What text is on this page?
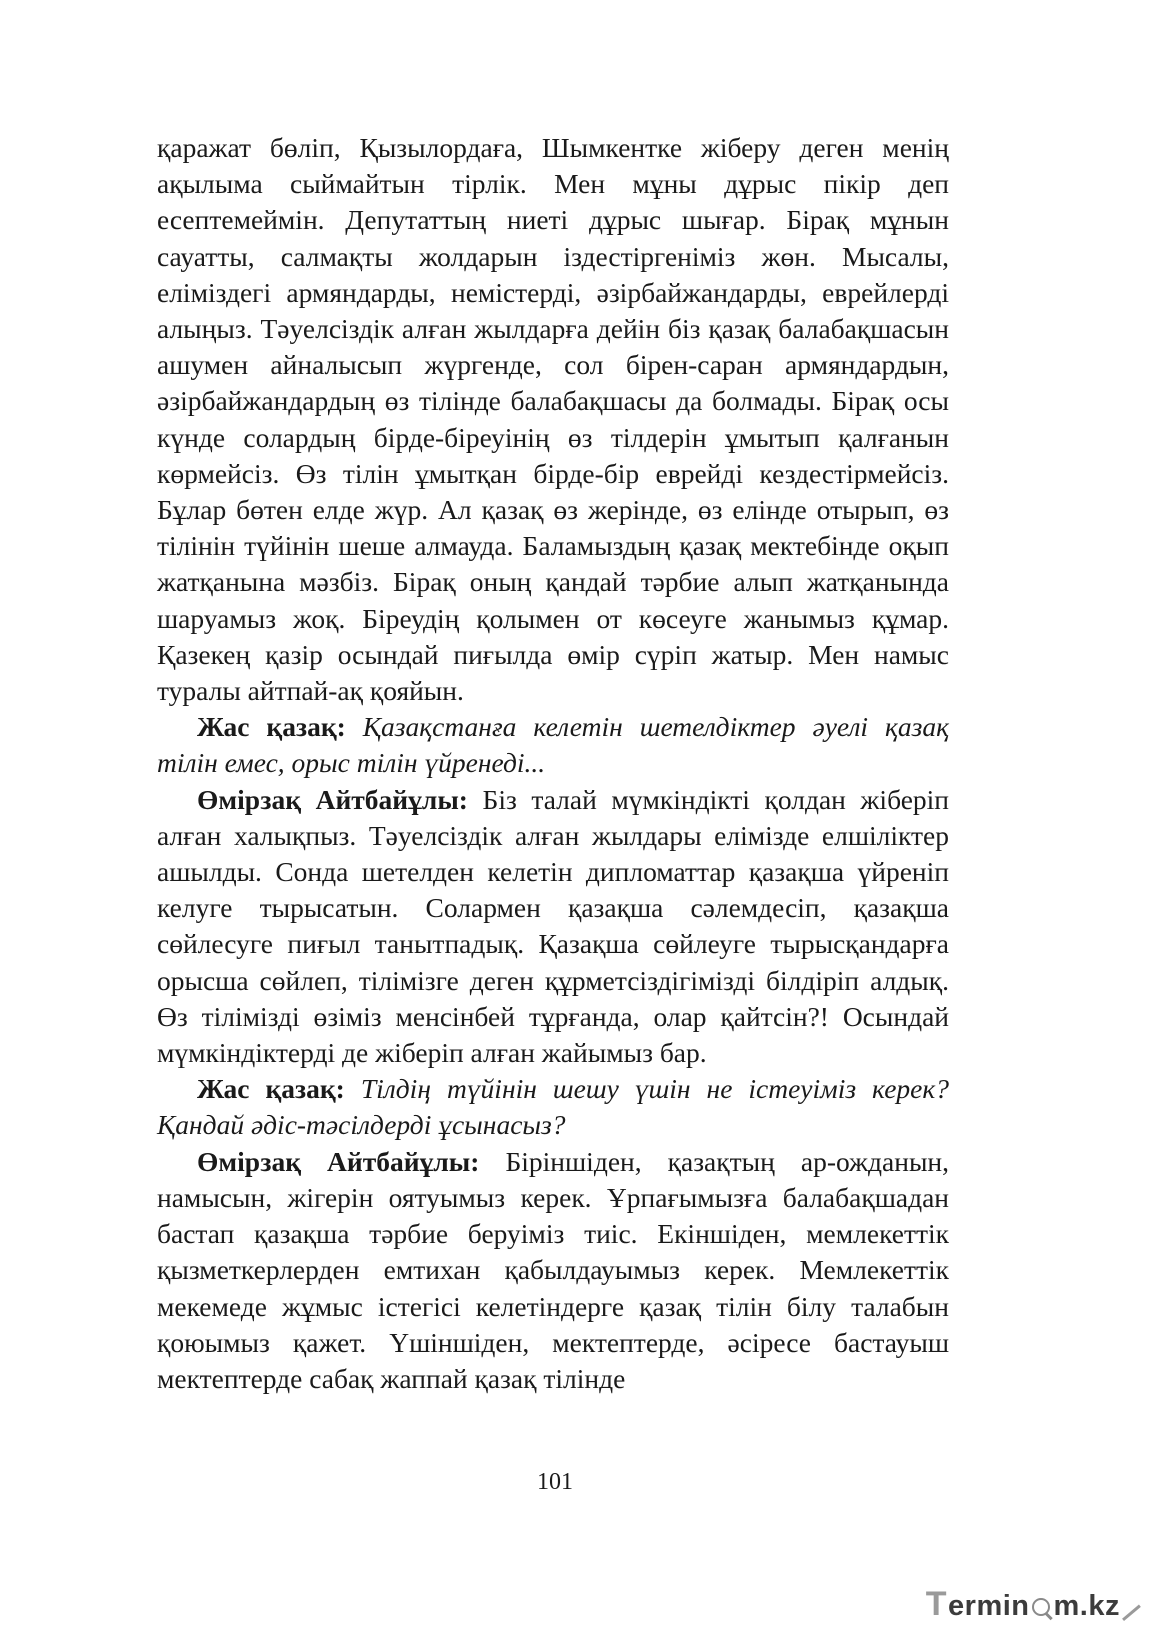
қаражат бөліп, Қызылордаға, Шымкентке жіберу деген менің ақылыма сыймайтын тірлік. Мен мұны дұрыс пікір деп есептемеймін. Депутаттың ниеті дұрыс шығар. Бірақ мұнын сауатты, салмақты жолдарын іздестіргеніміз жөн. Мысалы, еліміздегі армяндарды, немістерді, әзірбайжандарды, еврейлерді алыңыз. Тәуелсіздік алған жылдарға дейін біз қазақ балабақшасын ашумен айналысып жүргенде, сол бірен-саран армяндардын, әзірбайжандардың өз тілінде балабақшасы да болмады. Бірақ осы күнде солардың бірде-біреуінің өз тілдерін ұмытып қалғанын көрмейсіз. Өз тілін ұмытқан бірде-бір еврейді кездестірмейсіз. Бұлар бөтен елде жүр. Ал қазақ өз жерінде, өз елінде отырып, өз тілінін түйінін шеше алмауда. Баламыздың қазақ мектебінде оқып жатқанына мәзбіз. Бірақ оның қандай тәрбие алып жатқанында шаруамыз жоқ. Біреудің қолымен от көсеуге жанымыз құмар. Қазекең қазір осындай пиғылда өмір сүріп жатыр. Мен намыс туралы айтпай-ақ қояйын.

Жас қазақ: Қазақстанға келетін шетелдіктер әуелі қазақ тілін емес, орыс тілін үйренеді...

Өмірзақ Айтбайұлы: Біз талай мүмкіндікті қолдан жіберіп алған халықпыз. Тәуелсіздік алған жылдары елімізде елшіліктер ашылды. Сонда шетелден келетін дипломаттар қазақша үйреніп келуге тырысатын. Солармен қазақша сәлемдесіп, қазақша сөйлесуге пиғыл танытпадық. Қазақша сөйлеуге тырысқандарға орысша сөйлеп, тілімізге деген құрметсіздігімізді білдіріп алдық. Өз тілімізді өзіміз менсінбей тұрғанда, олар қайтсін?! Осындай мүмкіндіктерді де жіберіп алған жайымыз бар.

Жас қазақ: Тілдің түйінін шешу үшін не істеуіміз керек? Қандай әдіс-тәсілдерді ұсынасыз?

Өмірзақ Айтбайұлы: Біріншіден, қазақтың ар-ожданын, намысын, жігерін оятуымыз керек. Ұрпағымызға балабақшадан бастап қазақша тәрбие беруіміз тиіс. Екіншіден, мемлекеттік қызметкерлерден емтихан қабылдауымыз керек. Мемлекеттік мекемеде жұмыс істегісі келетіндерге қазақ тілін білу талабын қоюымыз қажет. Үшіншіден, мектептерде, әсіресе бастауыш мектептерде сабақ жаппай қазақ тілінде

101
T ermin m.kz
